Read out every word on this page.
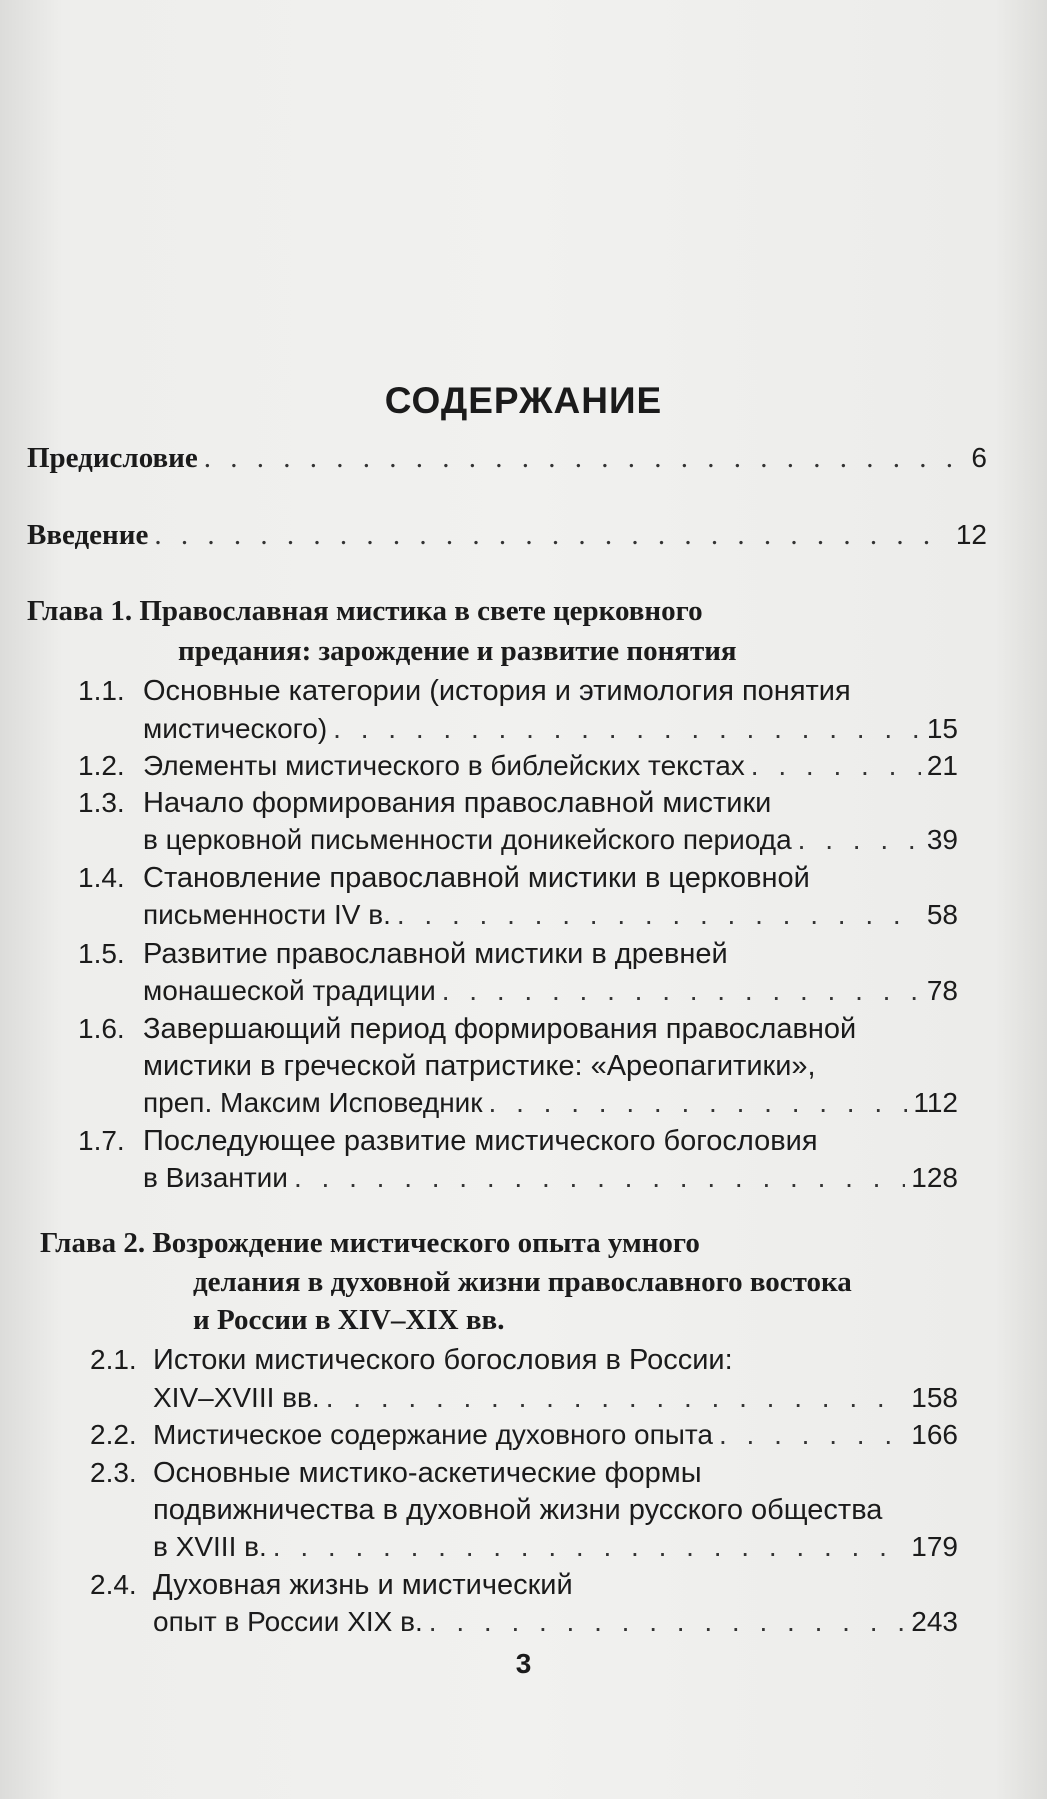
СОДЕРЖАНИЕ
Предисловие . . .	6
Введение . . .	12
Глава 1. Православная мистика в свете церковного
предания: зарождение и развитие понятия
1.1. Основные категории (история и этимология понятия
мистического) . . .	15
1.2. Элементы мистического в библейских текстах . . .	21
1.3. Начало формирования православной мистики
в церковной письменности доникейского периода . . .	39
1.4. Становление православной мистики в церковной
письменности IV в. . . .	58
1.5. Развитие православной мистики в древней
монашеской традиции . . .	78
1.6. Завершающий период формирования православной
мистики в греческой патристике: «Ареопагитики»,
преп. Максим Исповедник . . .	112
1.7. Последующее развитие мистического богословия
в Византии . . .	128
Глава 2. Возрождение мистического опыта умного
делания в духовной жизни православного востока
и России в XIV–XIX вв.
2.1. Истоки мистического богословия в России:
XIV–XVIII вв. . . .	158
2.2. Мистическое содержание духовного опыта . . .	166
2.3. Основные мистико-аскетические формы
подвижничества в духовной жизни русского общества
в XVIII в. . . .	179
2.4. Духовная жизнь и мистический
опыт в России XIX в. . . .	243
3
